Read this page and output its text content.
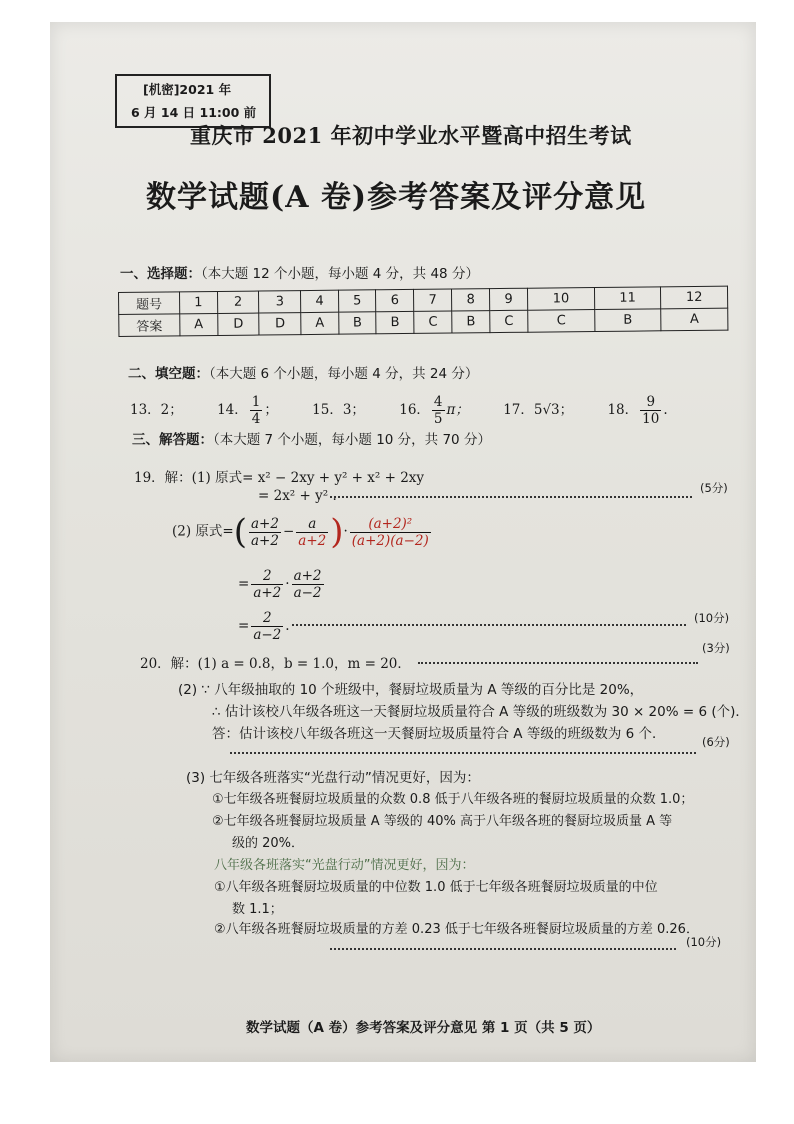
[机密]2021 年
6 月 14 日 11:00 前
重庆市 2021 年初中学业水平暨高中招生考试
数学试题(A 卷)参考答案及评分意见
一、选择题：（本大题 12 个小题，每小题 4 分，共 48 分）
题号	1	2	3	4	5	6	7	8	9	10	11	12
答案	A	D	D	A	B	B	C	B	C	C	B	A
二、填空题：（本大题 6 个小题，每小题 4 分，共 24 分）
13．2；	14． $\frac{1}{4}$ ；	15．3；	16． $\frac{4}{5}$ π；	17．5√3；	18． $\frac{9}{10}$ .
三、解答题：（本大题 7 个小题，每小题 10 分，共 70 分）
19．解：(1) 原式= x² − 2xy + y² + x² + 2xy
= 2x² + y² .	(5分)
(2) 原式=( $\frac{a+2}{a+2} - \frac{a}{a+2}$ )· $\frac{\text{(a+2)²}}{(a+2)(a-2)}$
= $\frac{2}{a+2} \cdot \frac{a+2}{a-2}$
= $\frac{2}{a-2}$ .	(10分)
20．解：(1) a = 0.8，b = 1.0，m = 20．
(3分)
(2) ∵ 八年级抽取的 10 个班级中，餐厨垃圾质量为 A 等级的百分比是 20%，
∴ 估计该校八年级各班这一天餐厨垃圾质量符合 A 等级的班级数为 30 × 20% = 6 (个)．
答：估计该校八年级各班这一天餐厨垃圾质量符合 A 等级的班级数为 6 个．	(6分)
(3) 七年级各班落实“光盘行动”情况更好，因为：
①七年级各班餐厨垃圾质量的众数 0.8 低于八年级各班的餐厨垃圾质量的众数 1.0；
②七年级各班餐厨垃圾质量 A 等级的 40% 高于八年级各班的餐厨垃圾质量 A 等
级的 20%．
八年级各班落实“光盘行动”情况更好，因为：
①八年级各班餐厨垃圾质量的中位数 1.0 低于七年级各班餐厨垃圾质量的中位
数 1.1；
②八年级各班餐厨垃圾质量的方差 0.23 低于七年级各班餐厨垃圾质量的方差 0.26．
(10分)
数学试题（A 卷）参考答案及评分意见 第 1 页（共 5 页）
